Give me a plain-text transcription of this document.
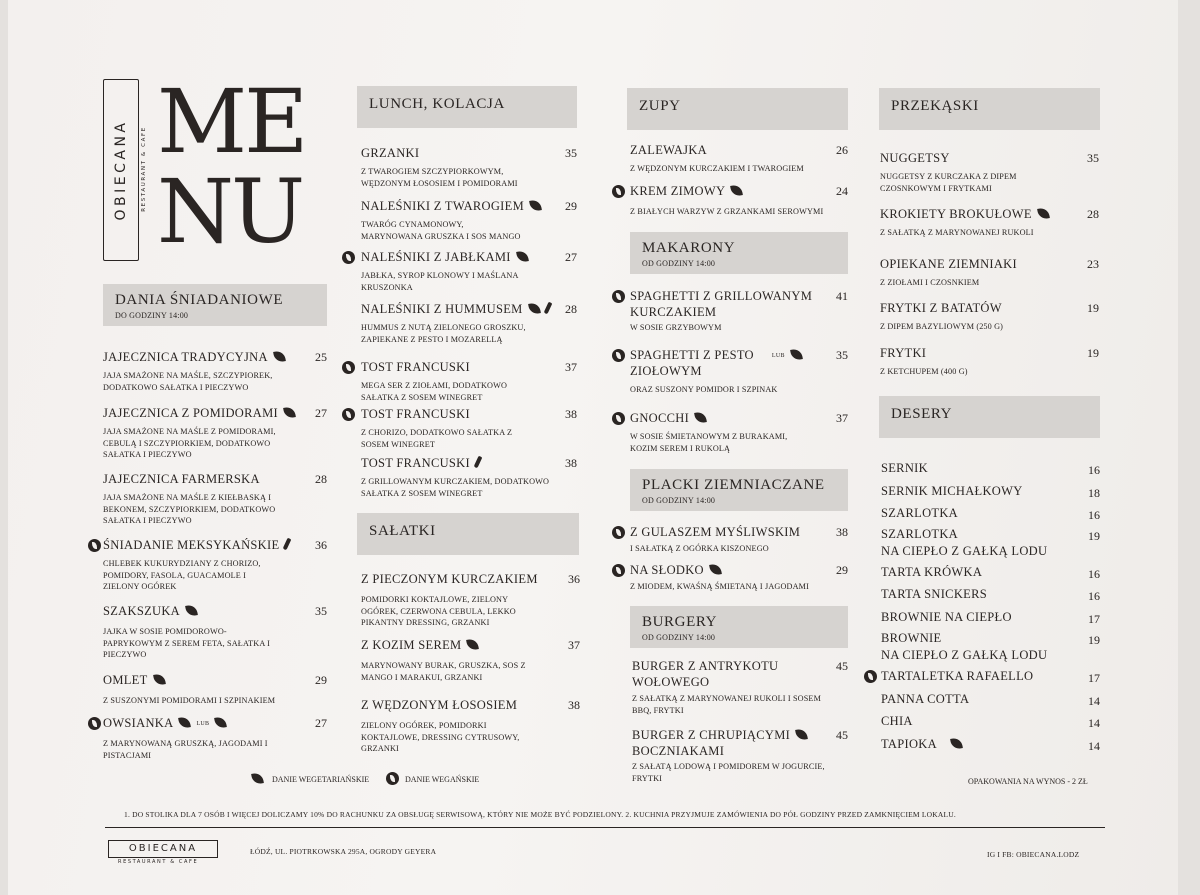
OBIECANA RESTAURANT & CAFE ME
NU
DANIA ŚNIADANIOWE
DO GODZINY 14:00
JAJECZNICA TRADYCYJNA	25
JAJA SMAŻONE NA MAŚLE, SZCZYPIOREK, DODATKOWO SAŁATKA I PIECZYWO
JAJECZNICA Z POMIDORAMI	27
JAJA SMAŻONE NA MAŚLE Z POMIDORAMI, CEBULĄ I SZCZYPIORKIEM, DODATKOWO SAŁATKA I PIECZYWO
JAJECZNICA FARMERSKA	28
JAJA SMAŻONE NA MAŚLE Z KIEŁBASKĄ I BEKONEM, SZCZYPIORKIEM, DODATKOWO SAŁATKA I PIECZYWO
ŚNIADANIE MEKSYKAŃSKIE	36
CHLEBEK KUKURYDZIANY Z CHORIZO, POMIDORY, FASOLA, GUACAMOLE I ZIELONY OGÓREK
SZAKSZUKA	35
JAJKA W SOSIE POMIDOROWO-PAPRYKOWYM Z SEREM FETA, SAŁATKA I PIECZYWO
OMLET	29
Z SUSZONYMI POMIDORAMI I SZPINAKIEM
OWSIANKA	LUB	27
Z MARYNOWANĄ GRUSZKĄ, JAGODAMI I PISTACJAMI
LUNCH, KOLACJA
GRZANKI	35
Z TWAROGIEM SZCZYPIORKOWYM, WĘDZONYM ŁOSOSIEM I POMIDORAMI
NALEŚNIKI Z TWAROGIEM	29
TWARÓG CYNAMONOWY, MARYNOWANA GRUSZKA I SOS MANGO
NALEŚNIKI Z JABŁKAMI	27
JABŁKA, SYROP KLONOWY I MAŚLANA KRUSZONKA
NALEŚNIKI Z HUMMUSEM	28
HUMMUS Z NUTĄ ZIELONEGO GROSZKU, ZAPIEKANE Z PESTO I MOZARELLĄ
TOST FRANCUSKI	37
MEGA SER Z ZIOŁAMI, DODATKOWO SAŁATKA Z SOSEM WINEGRET
TOST FRANCUSKI	38
Z CHORIZO, DODATKOWO SAŁATKA Z SOSEM WINEGRET
TOST FRANCUSKI	38
Z GRILLOWANYM KURCZAKIEM, DODATKOWO SAŁATKA Z SOSEM WINEGRET
SAŁATKI
Z PIECZONYM KURCZAKIEM	36
POMIDORKI KOKTAJLOWE, ZIELONY OGÓREK, CZERWONA CEBULA, LEKKO PIKANTNY DRESSING, GRZANKI
Z KOZIM SEREM	37
MARYNOWANY BURAK, GRUSZKA, SOS Z MANGO I MARAKUI, GRZANKI
Z WĘDZONYM ŁOSOSIEM	38
ZIELONY OGÓREK, POMIDORKI KOKTAJLOWE, DRESSING CYTRUSOWY, GRZANKI
DANIE WEGETARIAŃSKIE	DANIE WEGAŃSKIE
ZUPY
ZALEWAJKA	26
Z WĘDZONYM KURCZAKIEM I TWAROGIEM
KREM ZIMOWY	24
Z BIAŁYCH WARZYW Z GRZANKAMI SEROWYMI
MAKARONY
OD GODZINY 14:00
SPAGHETTI Z GRILLOWANYM
KURCZAKIEM
41
W SOSIE GRZYBOWYM
SPAGHETTI Z PESTO	LUB
ZIOŁOWYM
35
ORAZ SUSZONY POMIDOR I SZPINAK
GNOCCHI	37
W SOSIE ŚMIETANOWYM Z BURAKAMI, KOZIM SEREM I RUKOLĄ
PLACKI ZIEMNIACZANE
OD GODZINY 14:00
Z GULASZEM MYŚLIWSKIM	38
I SAŁATKĄ Z OGÓRKA KISZONEGO
NA SŁODKO	29
Z MIODEM, KWAŚNĄ ŚMIETANĄ I JAGODAMI
BURGERY
OD GODZINY 14:00
BURGER Z ANTRYKOTU
WOŁOWEGO
45
Z SAŁATKĄ Z MARYNOWANEJ RUKOLI I SOSEM BBQ, FRYTKI
BURGER Z CHRUPIĄCYMI
BOCZNIAKAMI
45
Z SAŁATĄ LODOWĄ I POMIDOREM W JOGURCIE, FRYTKI
PRZEKĄSKI
NUGGETSY	35
NUGGETSY Z KURCZAKA Z DIPEM CZOSNKOWYM I FRYTKAMI
KROKIETY BROKUŁOWE	28
Z SAŁATKĄ Z MARYNOWANEJ RUKOLI
OPIEKANE ZIEMNIAKI	23
Z ZIOŁAMI I CZOSNKIEM
FRYTKI Z BATATÓW	19
Z DIPEM BAZYLIOWYM (250 G)
FRYTKI	19
Z KETCHUPEM (400 G)
DESERY
SERNIK	16
SERNIK MICHAŁKOWY	18
SZARLOTKA	16
SZARLOTKA
NA CIEPŁO Z GAŁKĄ LODU
19
TARTA KRÓWKA	16
TARTA SNICKERS	16
BROWNIE NA CIEPŁO	17
BROWNIE
NA CIEPŁO Z GAŁKĄ LODU
19
TARTALETKA RAFAELLO	17
PANNA COTTA	14
CHIA	14
TAPIOKA	14
OPAKOWANIA NA WYNOS - 2 ZŁ
1. DO STOLIKA DLA 7 OSÓB I WIĘCEJ DOLICZAMY 10% DO RACHUNKU ZA OBSŁUGĘ SERWISOWĄ, KTÓRY NIE MOŻE BYĆ PODZIELONY. 2. KUCHNIA PRZYJMUJE ZAMÓWIENIA DO PÓŁ GODZINY PRZED ZAMKNIĘCIEM LOKALU.
OBIECANA
RESTAURANT & CAFE
ŁÓDŹ, UL. PIOTRKOWSKA 295A, OGRODY GEYERA	IG I FB: OBIECANA.LODZ
